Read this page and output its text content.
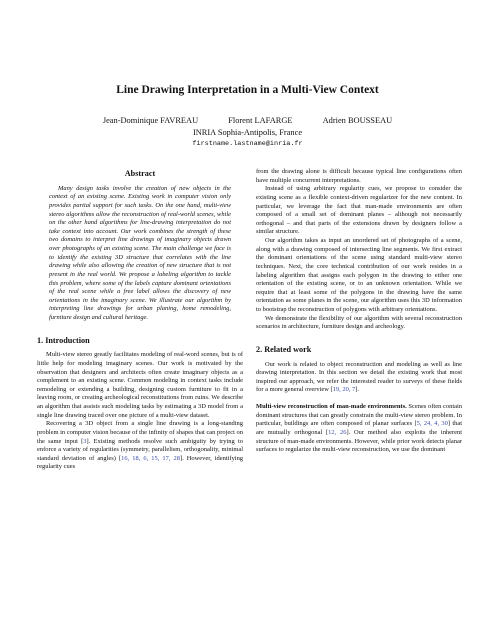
Line Drawing Interpretation in a Multi-View Context
Jean-Dominique FAVREAU	Florent LAFARGE	Adrien BOUSSEAU
INRIA Sophia-Antipolis, France
firstname.lastname@inria.fr
Abstract

Many design tasks involve the creation of new objects in the context of an existing scene. Existing work in computer vision only provides partial support for such tasks. On the one hand, multi-view stereo algorithms allow the reconstruction of real-world scenes, while on the other hand algorithms for line-drawing interpretation do not take context into account. Our work combines the strength of these two domains to interpret line drawings of imaginary objects drawn over photographs of an existing scene. The main challenge we face is to identify the existing 3D structure that correlates with the line drawing while also allowing the creation of new structure that is not present in the real world. We propose a labeling algorithm to tackle this problem, where some of the labels capture dominant orientations of the real scene while a free label allows the discovery of new orientations in the imaginary scene. We illustrate our algorithm by interpreting line drawings for urban planing, home remodeling, furniture design and cultural heritage.

1. Introduction

Multi-view stereo greatly facilitates modeling of real-word scenes, but is of little help for modeling imaginary scenes. Our work is motivated by the observation that designers and architects often create imaginary objects as a complement to an existing scene. Common modeling in context tasks include remodeling or extending a building, designing custom furniture to fit in a leaving room, or creating archeological reconstitutions from ruins. We describe an algorithm that assists such modeling tasks by estimating a 3D model from a single line drawing traced over one picture of a multi-view dataset.

Recovering a 3D object from a single line drawing is a long-standing problem in computer vision because of the infinity of shapes that can project on the same input [3]. Existing methods resolve such ambiguity by trying to enforce a variety of regularities (symmetry, parallelism, orthogonality, minimal standard deviation of angles) [16, 18, 6, 15, 17, 28]. However, identifying regularity cues

from the drawing alone is difficult because typical line configurations often have multiple concurrent interpretations.

Instead of using arbitrary regularity cues, we propose to consider the existing scene as a flexible context-driven regularizer for the new content. In particular, we leverage the fact that man-made environments are often composed of a small set of dominant planes – although not necessarily orthogonal – and that parts of the extensions drawn by designers follow a similar structure.

Our algorithm takes as input an unordered set of photographs of a scene, along with a drawing composed of intersecting line segments. We first extract the dominant orientations of the scene using standard multi-view stereo techniques. Next, the core technical contribution of our work resides in a labeling algorithm that assigns each polygon in the drawing to either one orientation of the existing scene, or to an unknown orientation. While we require that at least some of the polygons in the drawing have the same orientation as some planes in the scene, our algorithm uses this 3D information to bootstrap the reconstruction of polygons with arbitrary orientations.

We demonstrate the flexibility of our algorithm with several reconstruction scenarios in architecture, furniture design and archeology.

2. Related work

Our work is related to object reconstruction and modeling as well as line drawing interpretation. In this section we detail the existing work that most inspired our approach, we refer the interested reader to surveys of these fields for a more general overview [19, 20, 7].

Multi-view reconstruction of man-made environments. Scenes often contain dominant structures that can greatly constrain the multi-view stereo problem. In particular, buildings are often composed of planar surfaces [5, 24, 4, 30] that are mutually orthogonal [12, 26]. Our method also exploits the inherent structure of man-made environments. However, while prior work detects planar surfaces to regularize the multi-view reconstruction, we use the dominant
